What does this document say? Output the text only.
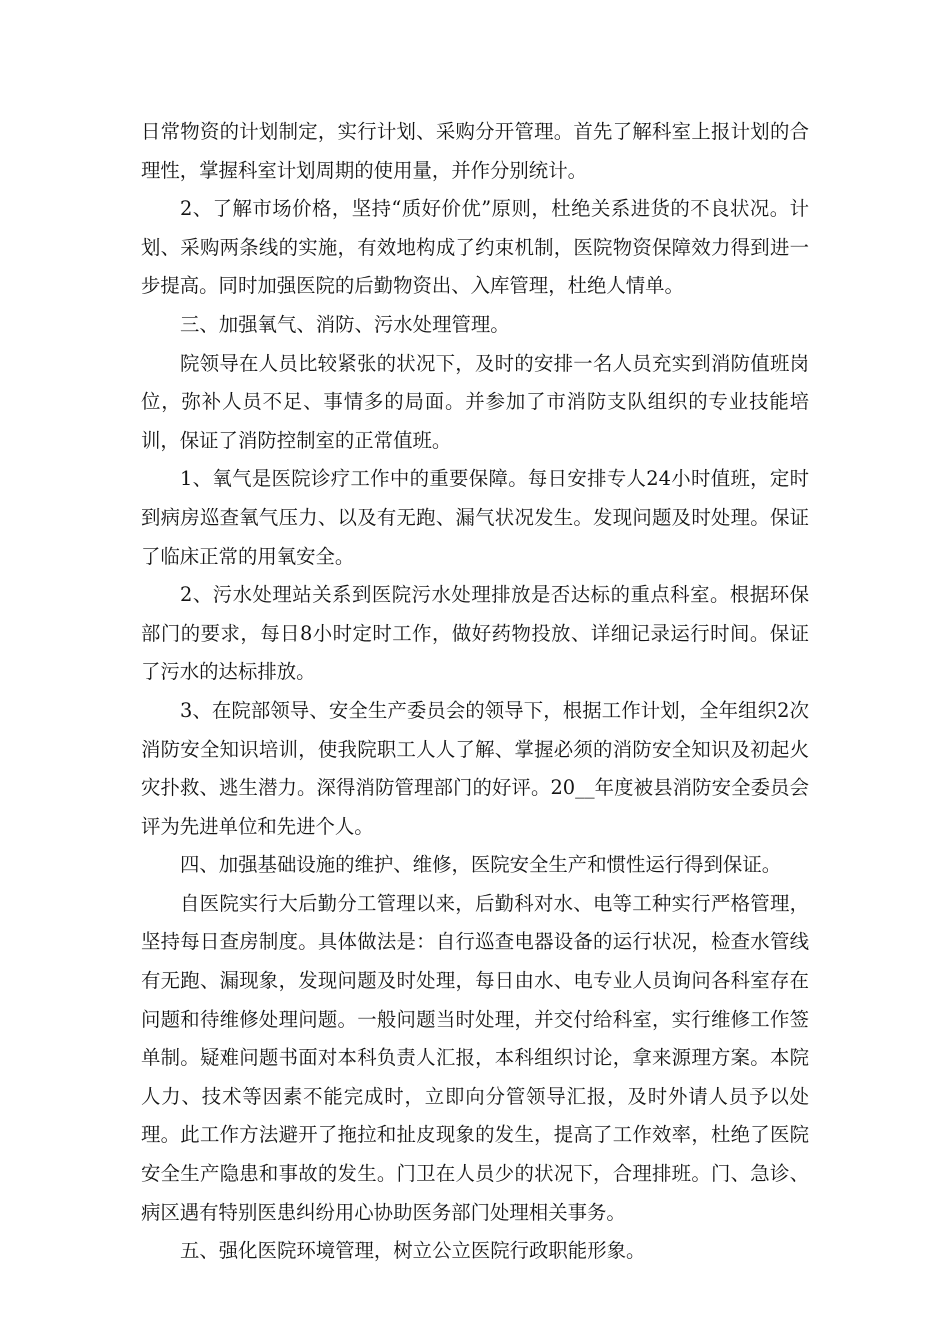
日常物资的计划制定，实行计划、采购分开管理。首先了解科室上报计划的合理性，掌握科室计划周期的使用量，并作分别统计。

2、了解市场价格，坚持“质好价优”原则，杜绝关系进货的不良状况。计划、采购两条线的实施，有效地构成了约束机制，医院物资保障效力得到进一步提高。同时加强医院的后勤物资出、入库管理，杜绝人情单。

三、加强氧气、消防、污水处理管理。

院领导在人员比较紧张的状况下，及时的安排一名人员充实到消防值班岗位，弥补人员不足、事情多的局面。并参加了市消防支队组织的专业技能培训，保证了消防控制室的正常值班。

1、氧气是医院诊疗工作中的重要保障。每日安排专人24小时值班，定时到病房巡查氧气压力、以及有无跑、漏气状况发生。发现问题及时处理。保证了临床正常的用氧安全。

2、污水处理站关系到医院污水处理排放是否达标的重点科室。根据环保部门的要求，每日8小时定时工作，做好药物投放、详细记录运行时间。保证了污水的达标排放。

3、在院部领导、安全生产委员会的领导下，根据工作计划，全年组织2次消防安全知识培训，使我院职工人人了解、掌握必须的消防安全知识及初起火灾扑救、逃生潜力。深得消防管理部门的好评。20__年度被县消防安全委员会评为先进单位和先进个人。

四、加强基础设施的维护、维修，医院安全生产和惯性运行得到保证。

自医院实行大后勤分工管理以来，后勤科对水、电等工种实行严格管理，坚持每日查房制度。具体做法是：自行巡查电器设备的运行状况，检查水管线有无跑、漏现象，发现问题及时处理，每日由水、电专业人员询问各科室存在问题和待维修处理问题。一般问题当时处理，并交付给科室，实行维修工作签单制。疑难问题书面对本科负责人汇报，本科组织讨论，拿来源理方案。本院人力、技术等因素不能完成时，立即向分管领导汇报，及时外请人员予以处理。此工作方法避开了拖拉和扯皮现象的发生，提高了工作效率，杜绝了医院安全生产隐患和事故的发生。门卫在人员少的状况下，合理排班。门、急诊、病区遇有特别医患纠纷用心协助医务部门处理相关事务。

五、强化医院环境管理，树立公立医院行政职能形象。
